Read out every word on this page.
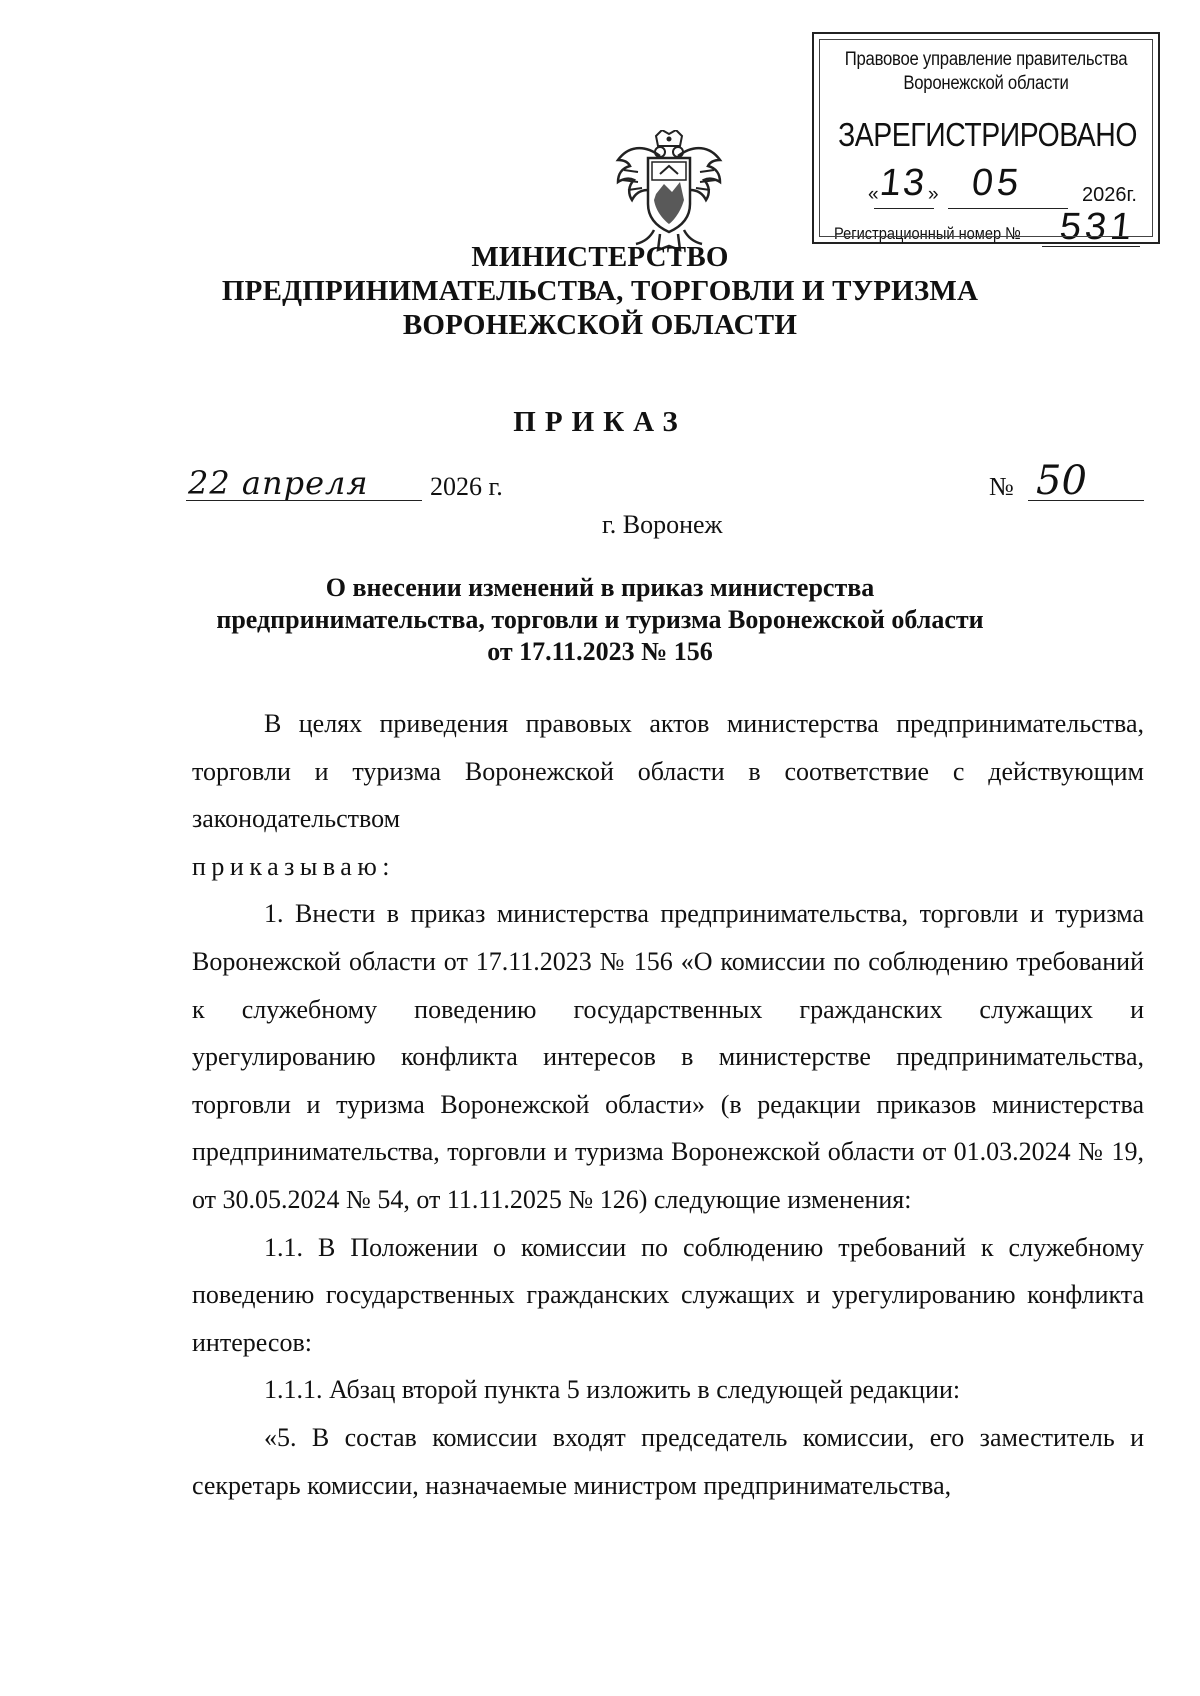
Правовое управление правительства
Воронежской области
ЗАРЕГИСТРИРОВАНО
« 13 » 05	2026г.
Регистрационный номер № 531
МИНИСТЕРСТВО
ПРЕДПРИНИМАТЕЛЬСТВА, ТОРГОВЛИ И ТУРИЗМА
ВОРОНЕЖСКОЙ ОБЛАСТИ
ПРИКАЗ
22 апреля 2026 г.	№ 50
г. Воронеж
О внесении изменений в приказ министерства
предпринимательства, торговли и туризма Воронежской области
от 17.11.2023 № 156

В целях приведения правовых актов министерства предпринимательства, торговли и туризма Воронежской области в соответствие с действующим законодательством

приказываю:

1. Внести в приказ министерства предпринимательства, торговли и туризма Воронежской области от 17.11.2023 № 156 «О комиссии по соблюдению требований к служебному поведению государственных гражданских служащих и урегулированию конфликта интересов в министерстве предпринимательства, торговли и туризма Воронежской области» (в редакции приказов министерства предпринимательства, торговли и туризма Воронежской области от 01.03.2024 № 19, от 30.05.2024 № 54, от 11.11.2025 № 126) следующие изменения:

1.1. В Положении о комиссии по соблюдению требований к служебному поведению государственных гражданских служащих и урегулированию конфликта интересов:

1.1.1. Абзац второй пункта 5 изложить в следующей редакции:

«5. В состав комиссии входят председатель комиссии, его заместитель и секретарь комиссии, назначаемые министром предпринимательства,
